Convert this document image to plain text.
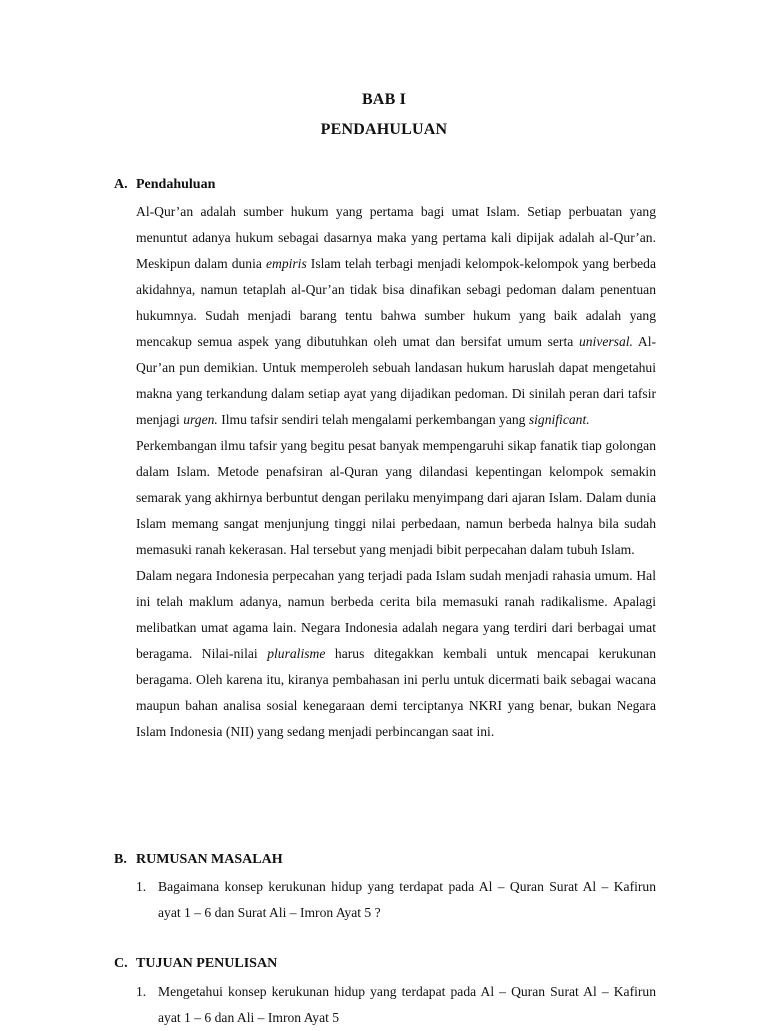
BAB I
PENDAHULUAN
A. Pendahuluan

Al-Qur’an adalah sumber hukum yang pertama bagi umat Islam. Setiap perbuatan yang menuntut adanya hukum sebagai dasarnya maka yang pertama kali dipijak adalah al-Qur’an. Meskipun dalam dunia empiris Islam telah terbagi menjadi kelompok-kelompok yang berbeda akidahnya, namun tetaplah al-Qur’an tidak bisa dinafikan sebagi pedoman dalam penentuan hukumnya. Sudah menjadi barang tentu bahwa sumber hukum yang baik adalah yang mencakup semua aspek yang dibutuhkan oleh umat dan bersifat umum serta universal. Al-Qur’an pun demikian. Untuk memperoleh sebuah landasan hukum haruslah dapat mengetahui makna yang terkandung dalam setiap ayat yang dijadikan pedoman. Di sinilah peran dari tafsir menjagi urgen. Ilmu tafsir sendiri telah mengalami perkembangan yang significant.

Perkembangan ilmu tafsir yang begitu pesat banyak mempengaruhi sikap fanatik tiap golongan dalam Islam. Metode penafsiran al-Quran yang dilandasi kepentingan kelompok semakin semarak yang akhirnya berbuntut dengan perilaku menyimpang dari ajaran Islam. Dalam dunia Islam memang sangat menjunjung tinggi nilai perbedaan, namun berbeda halnya bila sudah memasuki ranah kekerasan. Hal tersebut yang menjadi bibit perpecahan dalam tubuh Islam.

Dalam negara Indonesia perpecahan yang terjadi pada Islam sudah menjadi rahasia umum. Hal ini telah maklum adanya, namun berbeda cerita bila memasuki ranah radikalisme. Apalagi melibatkan umat agama lain. Negara Indonesia adalah negara yang terdiri dari berbagai umat beragama. Nilai-nilai pluralisme harus ditegakkan kembali untuk mencapai kerukunan beragama. Oleh karena itu, kiranya pembahasan ini perlu untuk dicermati baik sebagai wacana maupun bahan analisa sosial kenegaraan demi terciptanya NKRI yang benar, bukan Negara Islam Indonesia (NII) yang sedang menjadi perbincangan saat ini.

B. RUMUSAN MASALAH
1. Bagaimana konsep kerukunan hidup yang terdapat pada Al – Quran Surat Al – Kafirun ayat 1 – 6 dan Surat Ali – Imron Ayat 5 ?
C. TUJUAN PENULISAN
1. Mengetahui konsep kerukunan hidup yang terdapat pada Al – Quran Surat Al – Kafirun ayat 1 – 6 dan Ali – Imron Ayat 5
